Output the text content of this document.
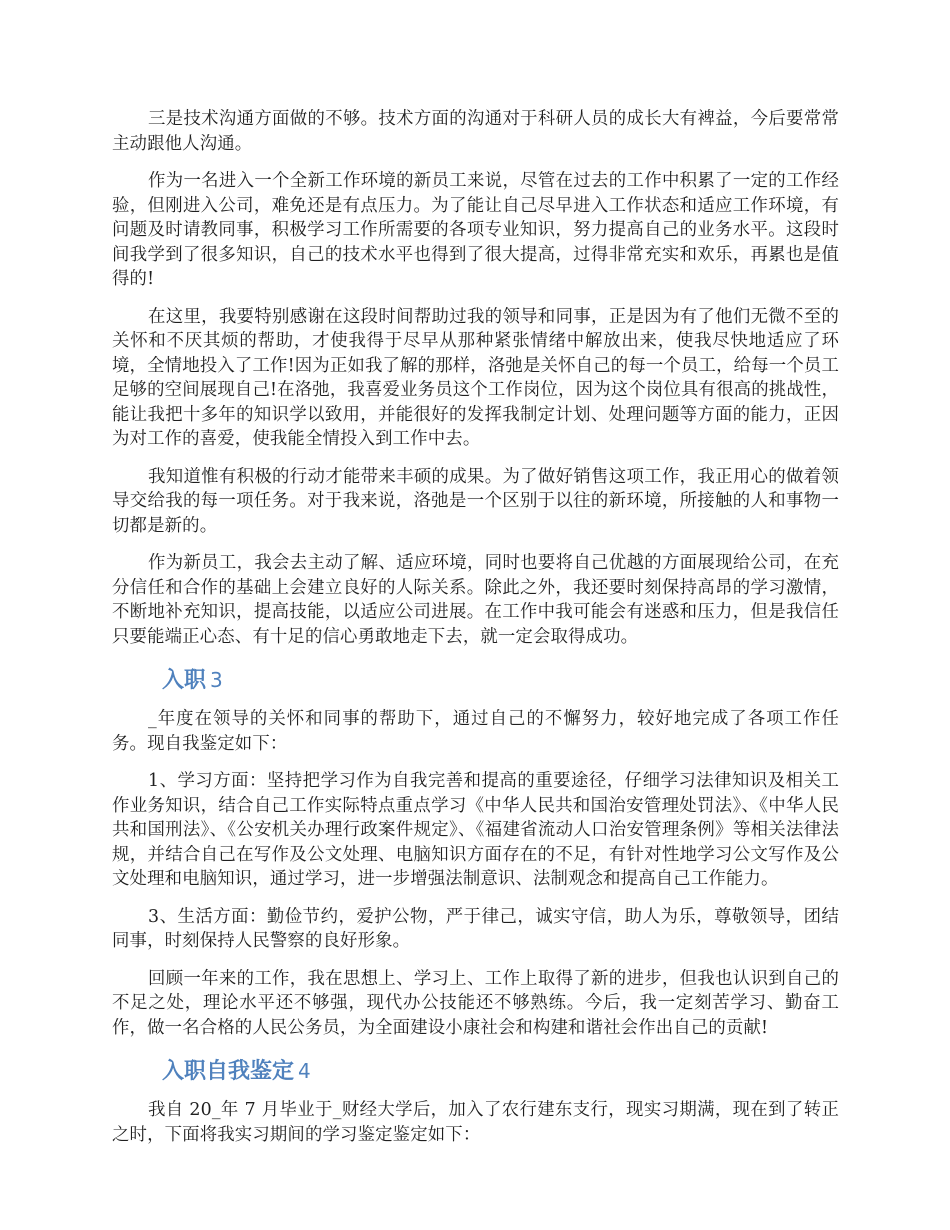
三是技术沟通方面做的不够。技术方面的沟通对于科研人员的成长大有裨益，今后要常常主动跟他人沟通。

作为一名进入一个全新工作环境的新员工来说，尽管在过去的工作中积累了一定的工作经验，但刚进入公司，难免还是有点压力。为了能让自己尽早进入工作状态和适应工作环境，有问题及时请教同事，积极学习工作所需要的各项专业知识，努力提高自己的业务水平。这段时间我学到了很多知识，自己的技术水平也得到了很大提高，过得非常充实和欢乐，再累也是值得的!

在这里，我要特别感谢在这段时间帮助过我的领导和同事，正是因为有了他们无微不至的关怀和不厌其烦的帮助，才使我得于尽早从那种紧张情绪中解放出来，使我尽快地适应了环境，全情地投入了工作!因为正如我了解的那样，洛弛是关怀自己的每一个员工，给每一个员工足够的空间展现自己!在洛弛，我喜爱业务员这个工作岗位，因为这个岗位具有很高的挑战性，能让我把十多年的知识学以致用，并能很好的发挥我制定计划、处理问题等方面的能力，正因为对工作的喜爱，使我能全情投入到工作中去。

我知道惟有积极的行动才能带来丰硕的成果。为了做好销售这项工作，我正用心的做着领导交给我的每一项任务。对于我来说，洛弛是一个区别于以往的新环境，所接触的人和事物一切都是新的。

作为新员工，我会去主动了解、适应环境，同时也要将自己优越的方面展现给公司，在充分信任和合作的基础上会建立良好的人际关系。除此之外，我还要时刻保持高昂的学习激情，不断地补充知识，提高技能，以适应公司进展。在工作中我可能会有迷惑和压力，但是我信任只要能端正心态、有十足的信心勇敢地走下去，就一定会取得成功。

入职 3

_年度在领导的关怀和同事的帮助下，通过自己的不懈努力，较好地完成了各项工作任务。现自我鉴定如下：

1、学习方面：坚持把学习作为自我完善和提高的重要途径，仔细学习法律知识及相关工作业务知识，结合自己工作实际特点重点学习《中华人民共和国治安管理处罚法》、《中华人民共和国刑法》、《公安机关办理行政案件规定》、《福建省流动人口治安管理条例》等相关法律法规，并结合自己在写作及公文处理、电脑知识方面存在的不足，有针对性地学习公文写作及公文处理和电脑知识，通过学习，进一步增强法制意识、法制观念和提高自己工作能力。

3、生活方面：勤俭节约，爱护公物，严于律己，诚实守信，助人为乐，尊敬领导，团结同事，时刻保持人民警察的良好形象。

回顾一年来的工作，我在思想上、学习上、工作上取得了新的进步，但我也认识到自己的不足之处，理论水平还不够强，现代办公技能还不够熟练。今后，我一定刻苦学习、勤奋工作，做一名合格的人民公务员，为全面建设小康社会和构建和谐社会作出自己的贡献!

入职自我鉴定 4

我自 20_年 7 月毕业于_财经大学后，加入了农行建东支行，现实习期满，现在到了转正之时，下面将我实习期间的学习鉴定鉴定如下：
